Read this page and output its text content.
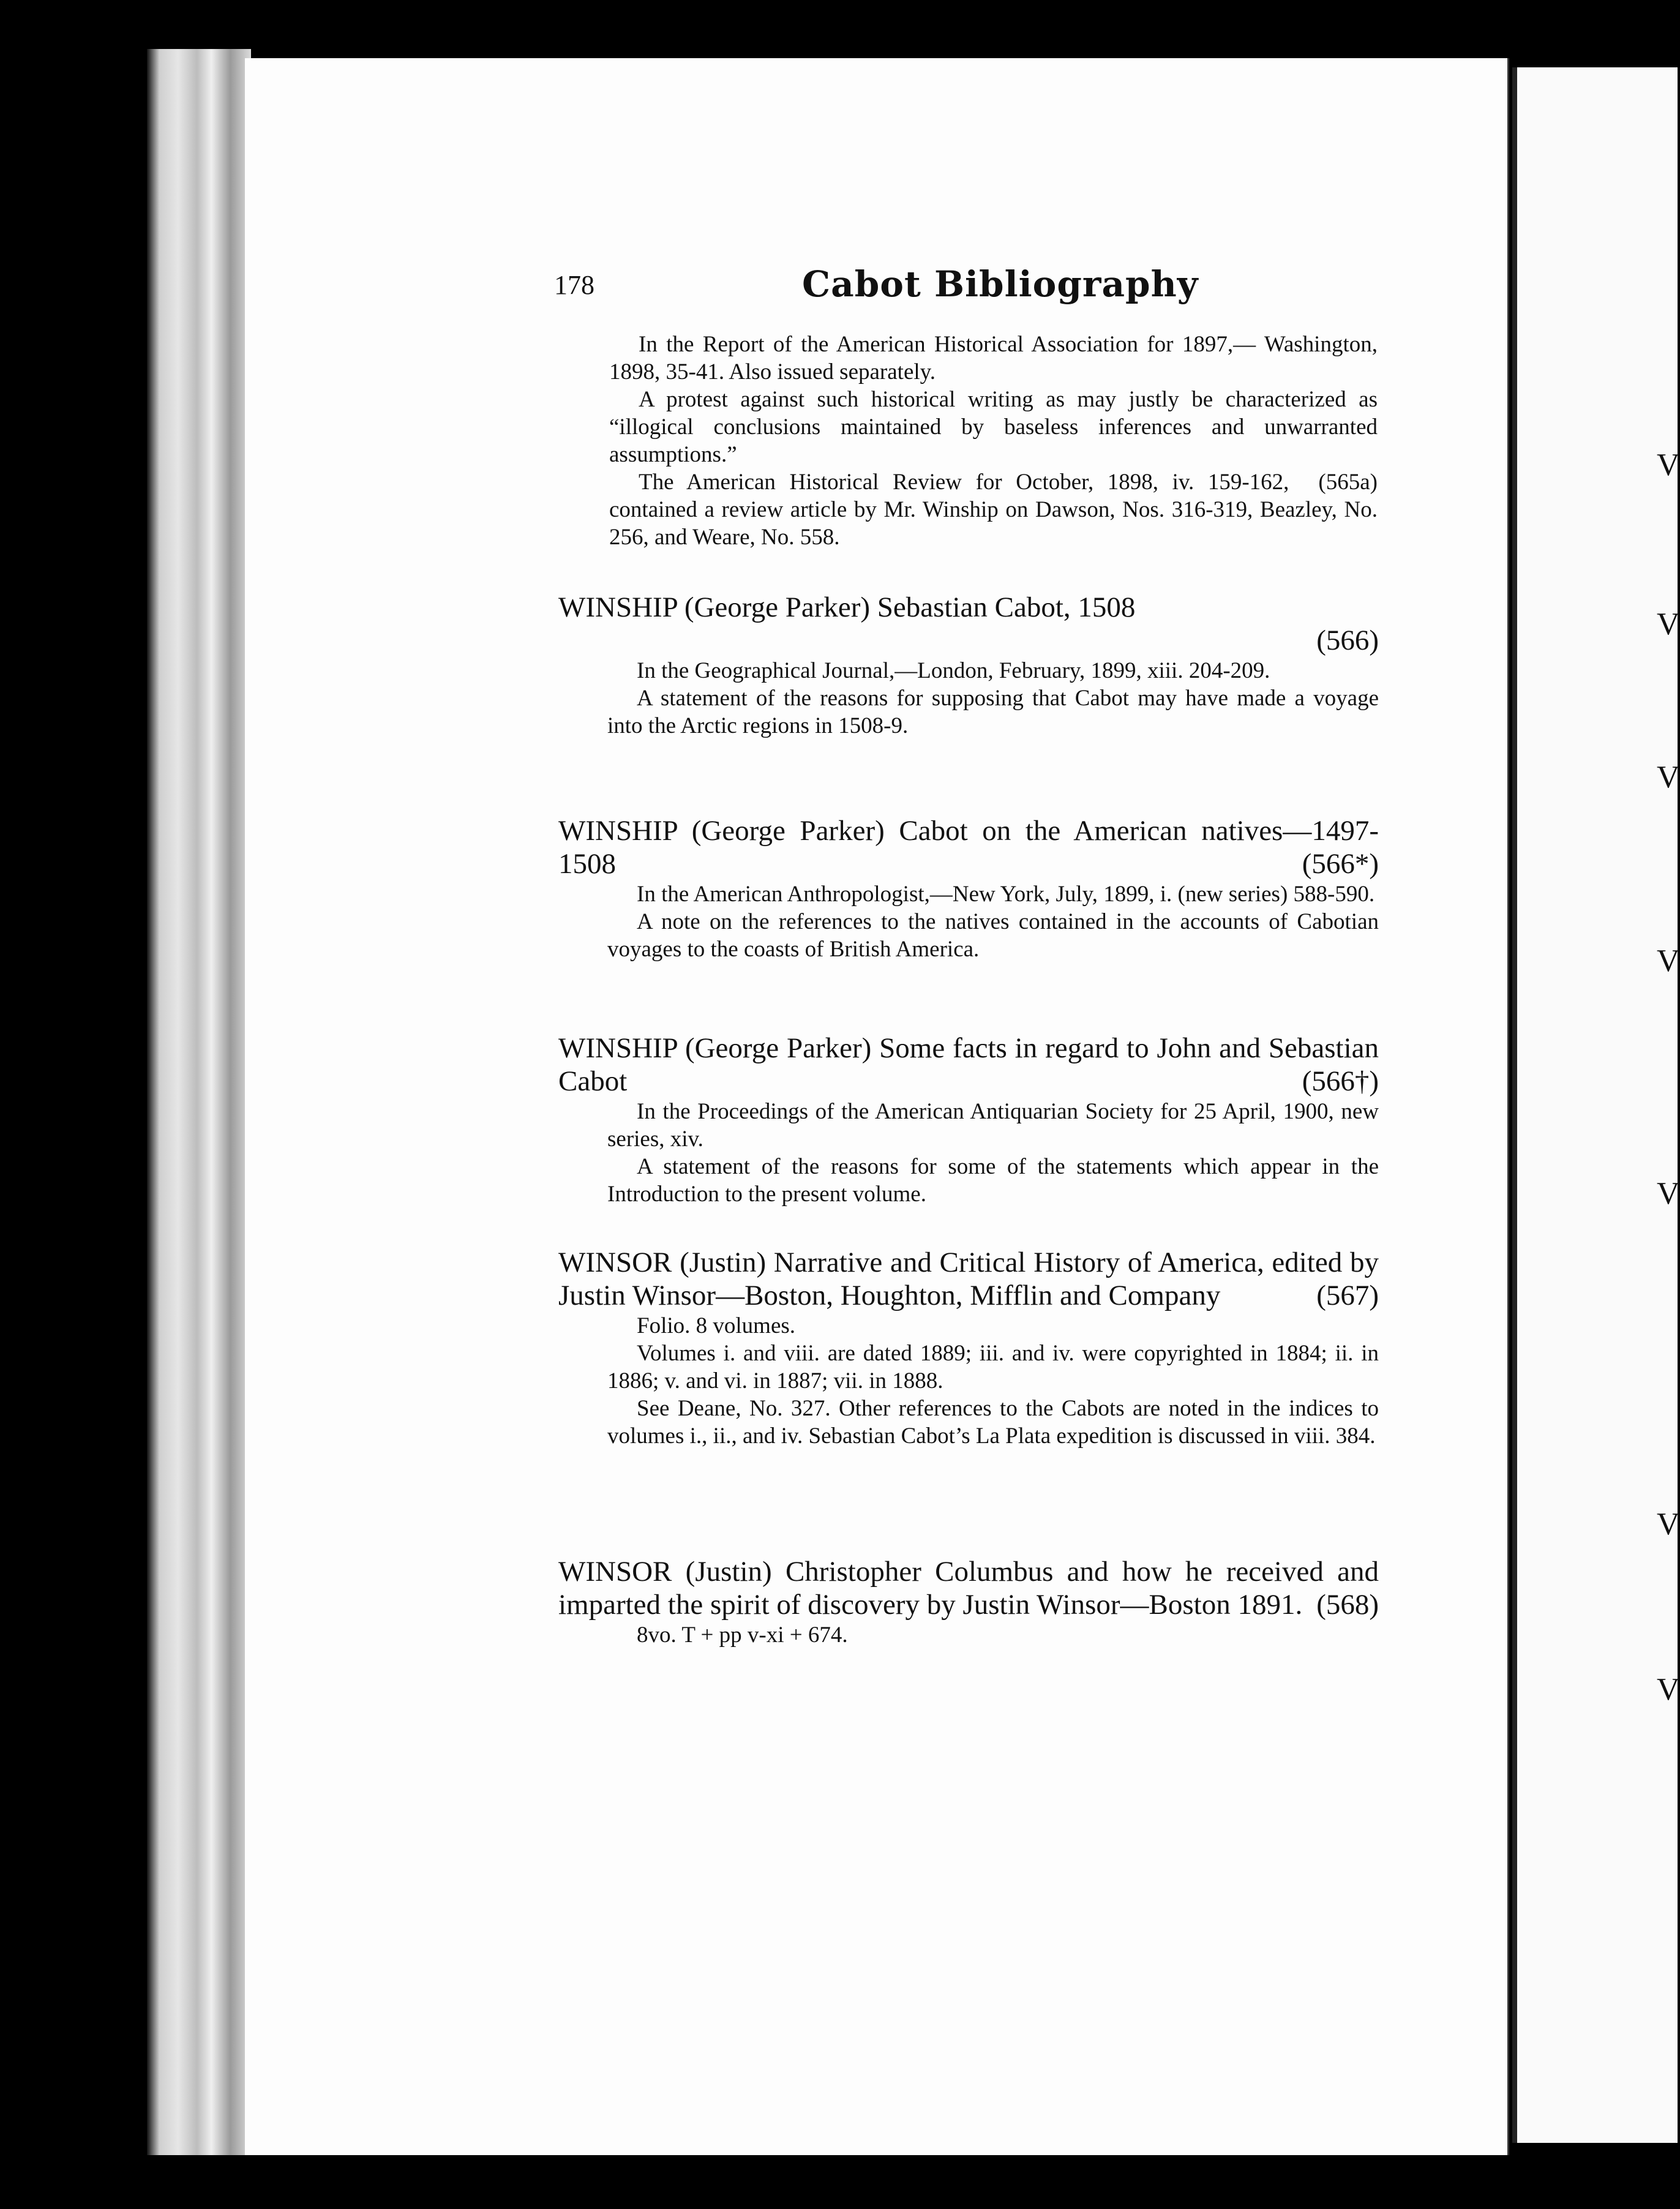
V
V
V
V
V
V
V
178	Cabot Bibliography

In the Report of the American Historical Association for 1897,— Washington, 1898, 35-41. Also issued separately.

A protest against such historical writing as may justly be characterized as “illogical conclusions maintained by baseless inferences and unwarranted assumptions.”

(565a)
The American Historical Review for October, 1898, iv. 159-162, contained a review article by Mr. Winship on Dawson, Nos. 316-319, Beazley, No. 256, and Weare, No. 558.

WINSHIP (George Parker) Sebastian Cabot, 1508

(566)

In the Geographical Journal,—London, February, 1899, xiii. 204-209.

A statement of the reasons for supposing that Cabot may have made a voyage into the Arctic regions in 1508-9.

WINSHIP (George Parker) Cabot on the American natives—1497-1508	(566*)

In the American Anthropologist,—New York, July, 1899, i. (new series) 588-590.

A note on the references to the natives contained in the accounts of Cabotian voyages to the coasts of British America.

WINSHIP (George Parker) Some facts in regard to John and Sebastian Cabot	(566†)

In the Proceedings of the American Antiquarian Society for 25 April, 1900, new series, xiv.

A statement of the reasons for some of the statements which appear in the Introduction to the present volume.

WINSOR (Justin) Narrative and Critical History of America, edited by Justin Winsor—Boston, Houghton, Mifflin and Company	(567)

Folio. 8 volumes.

Volumes i. and viii. are dated 1889; iii. and iv. were copyrighted in 1884; ii. in 1886; v. and vi. in 1887; vii. in 1888.

See Deane, No. 327. Other references to the Cabots are noted in the indices to volumes i., ii., and iv. Sebastian Cabot’s La Plata expedition is discussed in viii. 384.

WINSOR (Justin) Christopher Columbus and how he received and imparted the spirit of discovery by Justin Winsor—Boston 1891. (568)

8vo. T + pp v-xi + 674.
